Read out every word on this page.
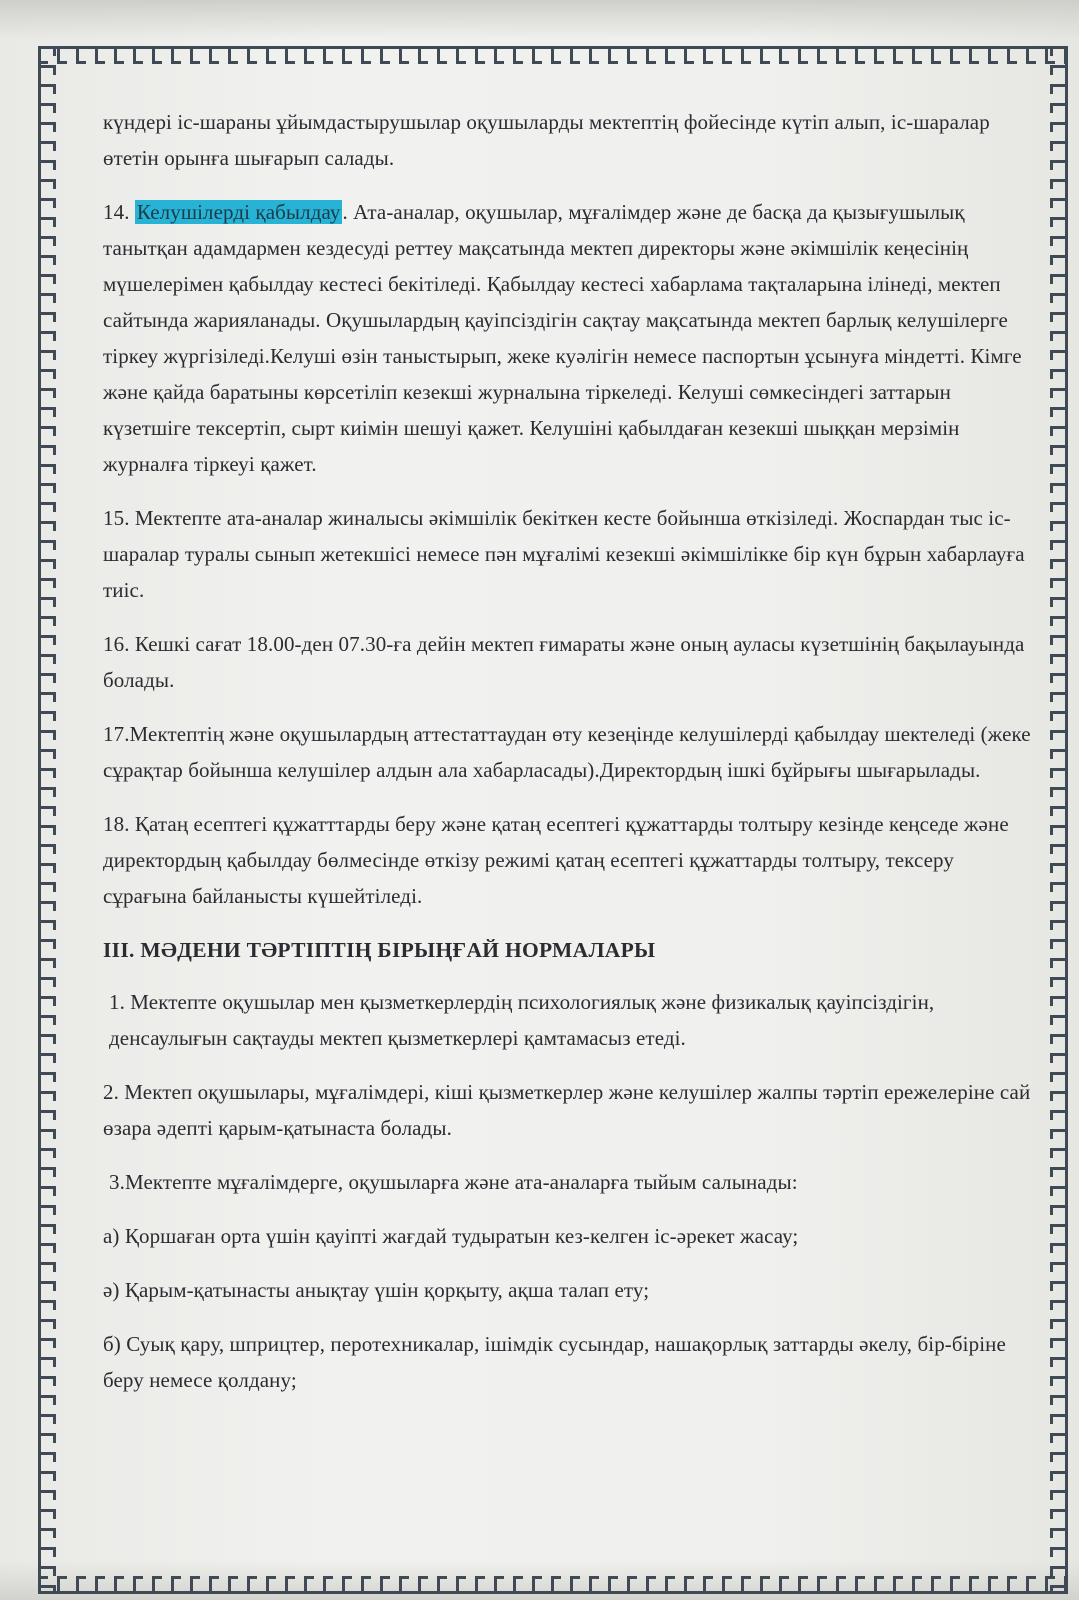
күндері іс-шараны ұйымдастырушылар оқушыларды мектептің фойесінде күтіп алып, іс-шаралар өтетін орынға шығарып салады.

14. Келушілерді қабылдау. Ата-аналар, оқушылар, мұғалімдер және де басқа да қызығушылық танытқан адамдармен кездесуді реттеу мақсатында мектеп директоры және әкімшілік кеңесінің мүшелерімен қабылдау кестесі бекітіледі. Қабылдау кестесі хабарлама тақталарына ілінеді, мектеп сайтында жарияланады. Оқушылардың қауіпсіздігін сақтау мақсатында мектеп барлық келушілерге тіркеу жүргізіледі.Келуші өзін таныстырып, жеке куәлігін немесе паспортын ұсынуға міндетті. Кімге және қайда баратыны көрсетіліп кезекші журналына тіркеледі. Келуші сөмкесіндегі заттарын күзетшіге тексертіп, сырт киімін шешуі қажет. Келушіні қабылдаған кезекші шыққан мерзімін журналға тіркеуі қажет.

15. Мектепте ата-аналар жиналысы әкімшілік бекіткен кесте бойынша өткізіледі. Жоспардан тыс іс-шаралар туралы сынып жетекшісі немесе пән мұғалімі кезекші әкімшілікке бір күн бұрын хабарлауға тиіс.

16. Кешкі сағат 18.00-ден 07.30-ға дейін мектеп ғимараты және оның ауласы күзетшінің бақылауында болады.

17.Мектептің және оқушылардың аттестаттаудан өту кезеңінде келушілерді қабылдау шектеледі (жеке сұрақтар бойынша келушілер алдын ала хабарласады).Директордың ішкі бұйрығы шығарылады.

18. Қатаң есептегі құжатттарды беру және қатаң есептегі құжаттарды толтыру кезінде кеңседе және директордың қабылдау бөлмесінде өткізу режимі қатаң есептегі құжаттарды толтыру, тексеру сұрағына байланысты күшейтіледі.

III. МӘДЕНИ ТӘРТІПТІҢ БІРЫҢҒАЙ НОРМАЛАРЫ

1. Мектепте оқушылар мен қызметкерлердің психологиялық және физикалық қауіпсіздігін, денсаулығын сақтауды мектеп қызметкерлері қамтамасыз етеді.

2. Мектеп оқушылары, мұғалімдері, кіші қызметкерлер және келушілер жалпы тәртіп ережелеріне сай өзара әдепті қарым-қатынаста болады.

3.Мектепте мұғалімдерге, оқушыларға және ата-аналарға тыйым салынады:

а) Қоршаған орта үшін қауіпті жағдай тудыратын кез-келген іс-әрекет жасау;

ә) Қарым-қатынасты анықтау үшін қорқыту, ақша талап ету;

б) Суық қару, шприцтер, перотехникалар, ішімдік сусындар, нашақорлық заттарды әкелу, бір-біріне беру немесе қолдану;
